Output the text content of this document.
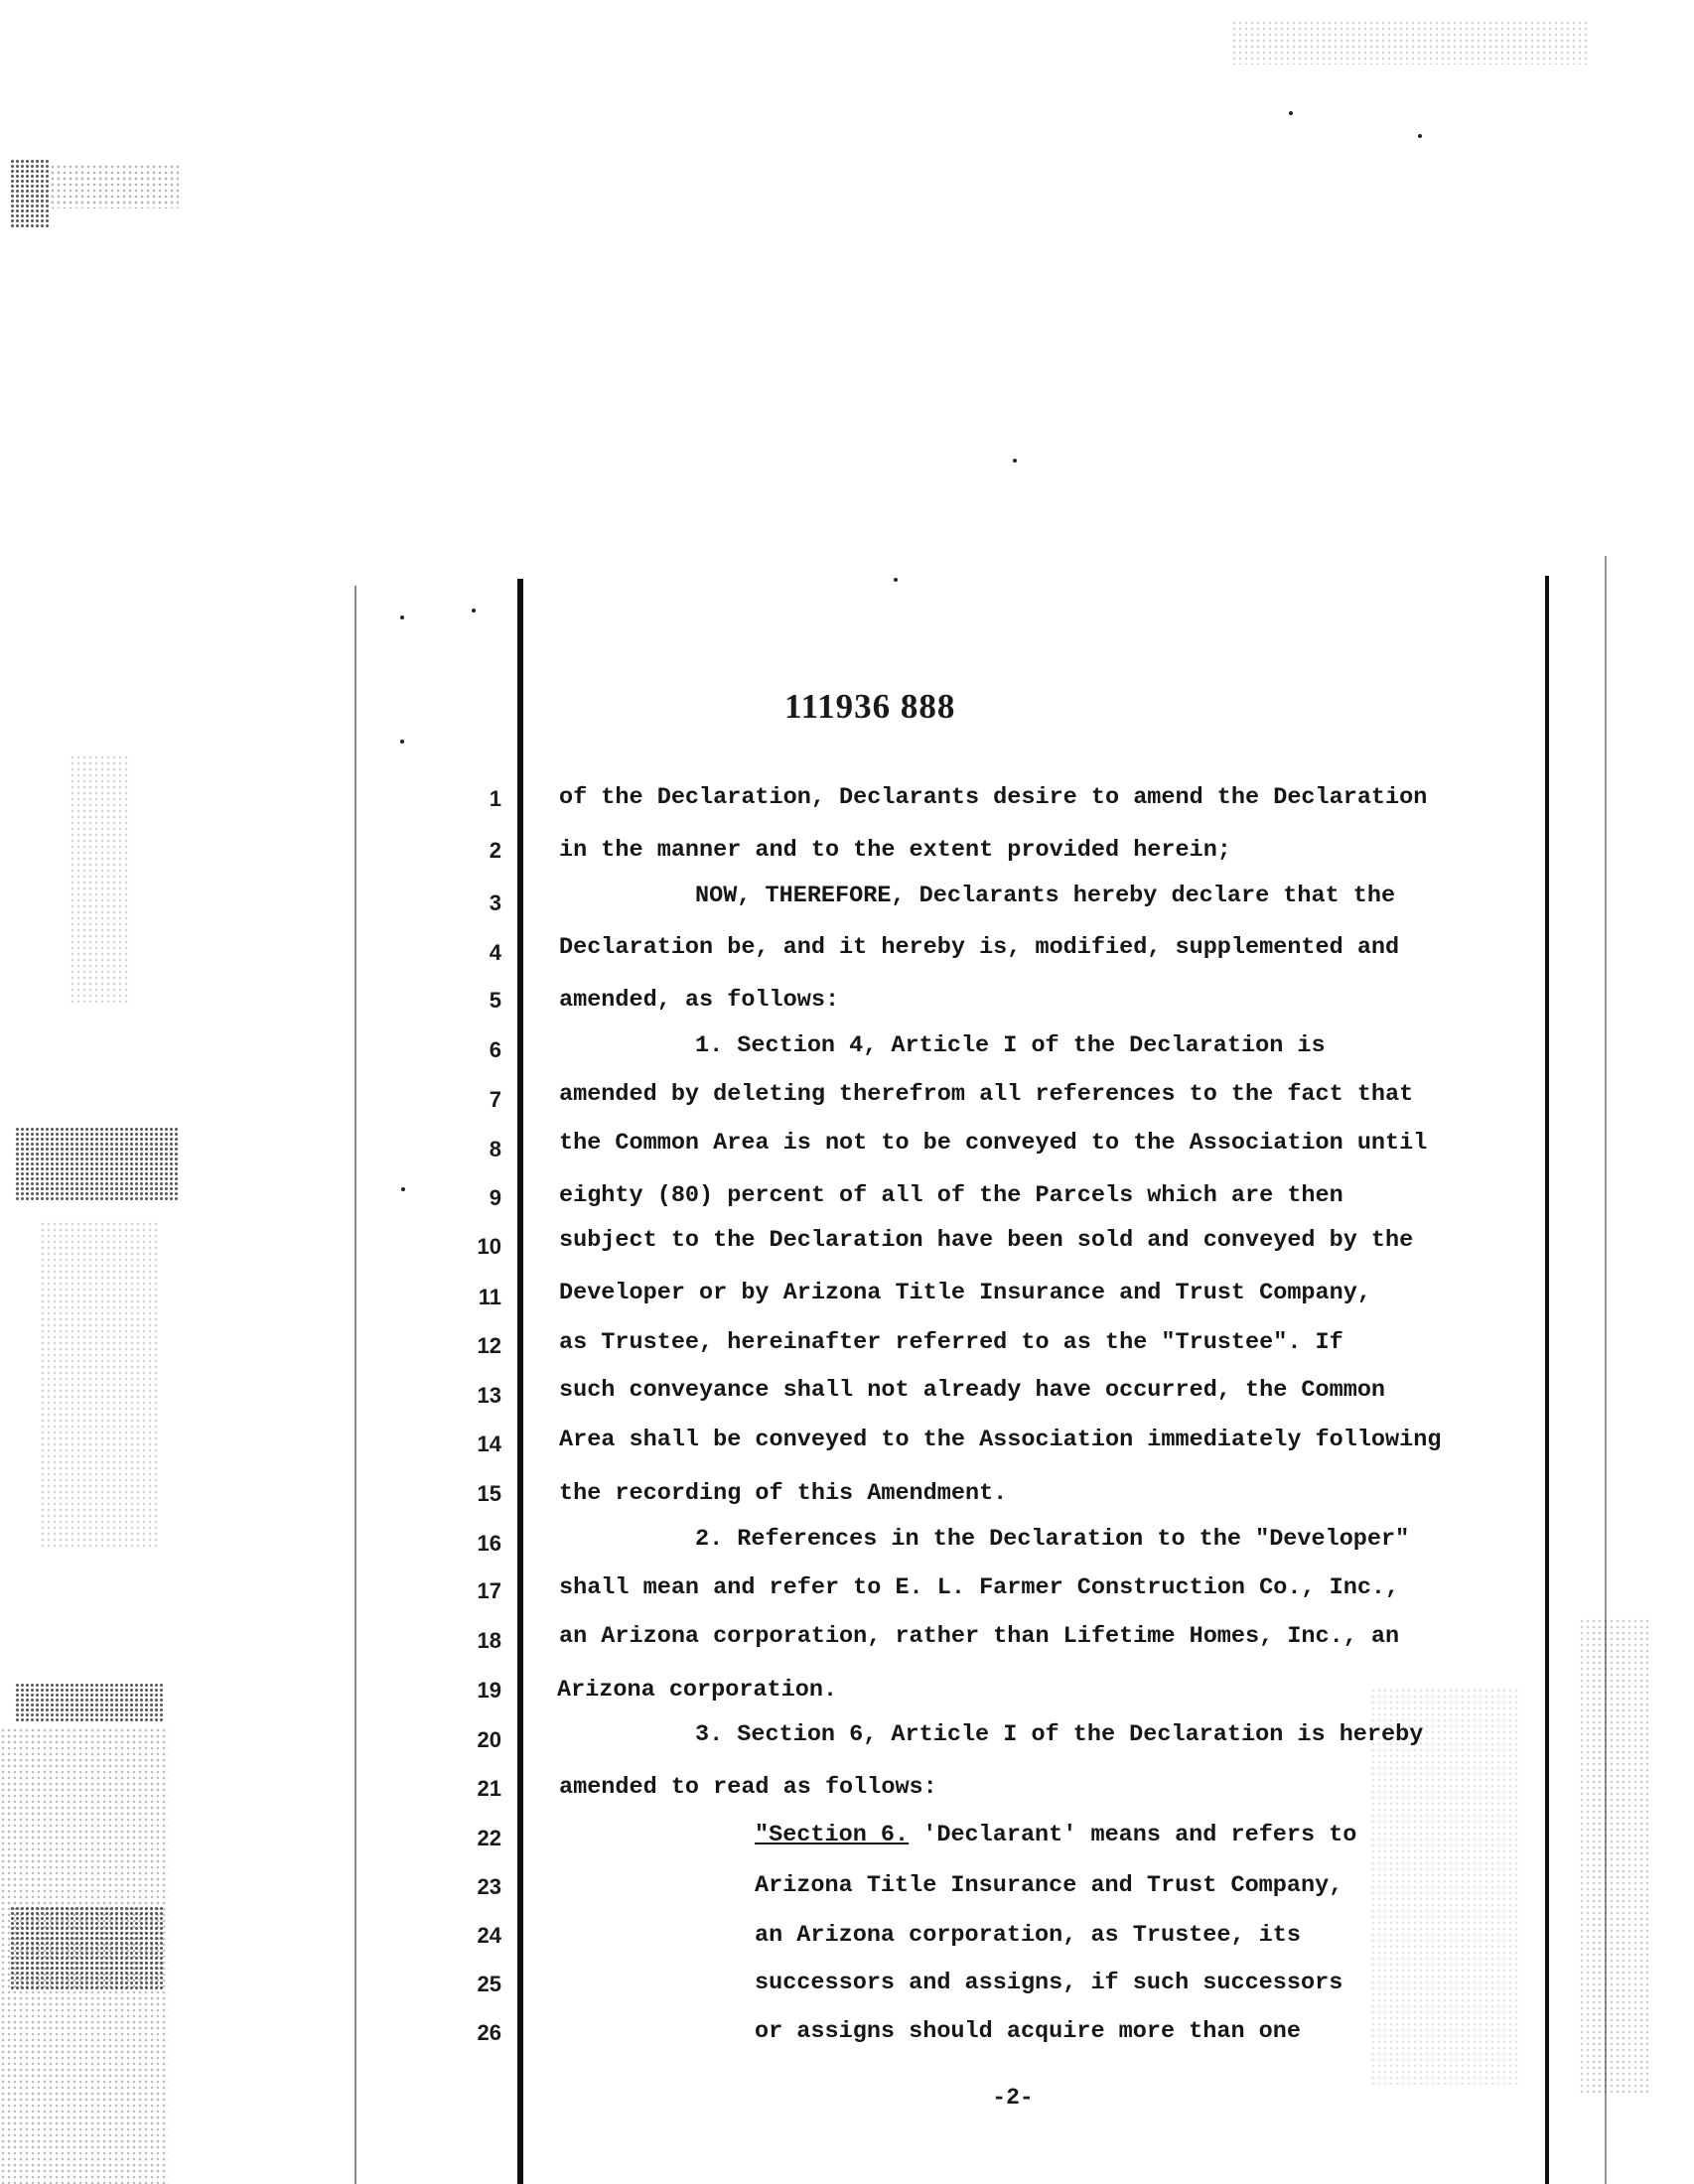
111936 888
1
2
3
4
5
6
7
8
9
10
11
12
13
14
15
16
17
18
19
20
21
22
23
24
25
26
of the Declaration, Declarants desire to amend the Declaration
in the manner and to the extent provided herein;
NOW, THEREFORE, Declarants hereby declare that the
Declaration be, and it hereby is, modified, supplemented and
amended, as follows:
1. Section 4, Article I of the Declaration is
amended by deleting therefrom all references to the fact that
the Common Area is not to be conveyed to the Association until
eighty (80) percent of all of the Parcels which are then
subject to the Declaration have been sold and conveyed by the
Developer or by Arizona Title Insurance and Trust Company,
as Trustee, hereinafter referred to as the "Trustee". If
such conveyance shall not already have occurred, the Common
Area shall be conveyed to the Association immediately following
the recording of this Amendment.
2. References in the Declaration to the "Developer"
shall mean and refer to E. L. Farmer Construction Co., Inc.,
an Arizona corporation, rather than Lifetime Homes, Inc., an
Arizona corporation.
3. Section 6, Article I of the Declaration is hereby
amended to read as follows:
"Section 6. 'Declarant' means and refers to
Arizona Title Insurance and Trust Company,
an Arizona corporation, as Trustee, its
successors and assigns, if such successors
or assigns should acquire more than one
-2-
